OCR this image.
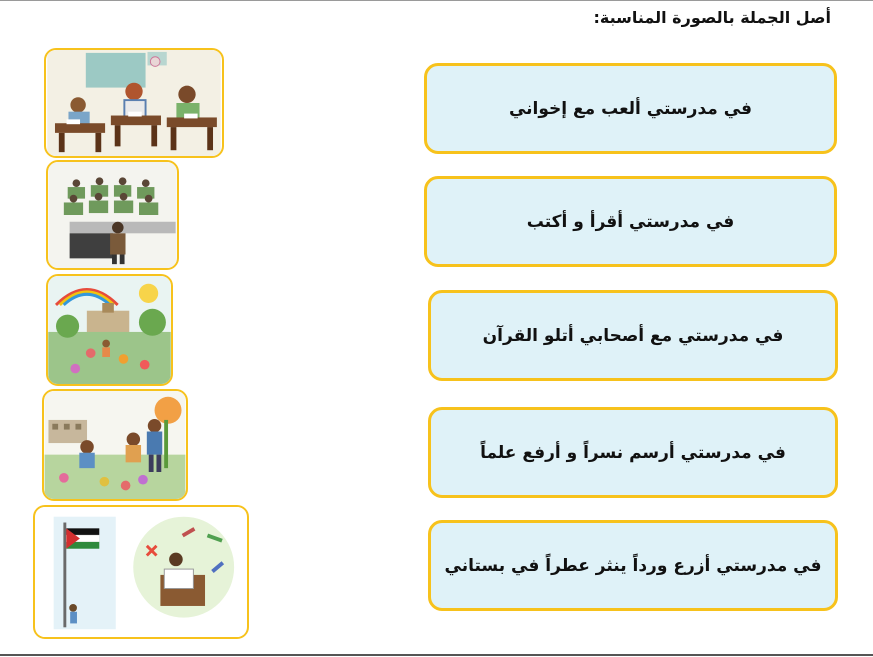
أصل الجملة بالصورة المناسبة:
في مدرستي ألعب مع إخواني
في مدرستي أقرأ و أكتب
في مدرستي مع أصحابي أتلو القرآن
في مدرستي أرسم نسراً و أرفع علماً
في مدرستي أزرع ورداً ينثر عطراً في بستاني
